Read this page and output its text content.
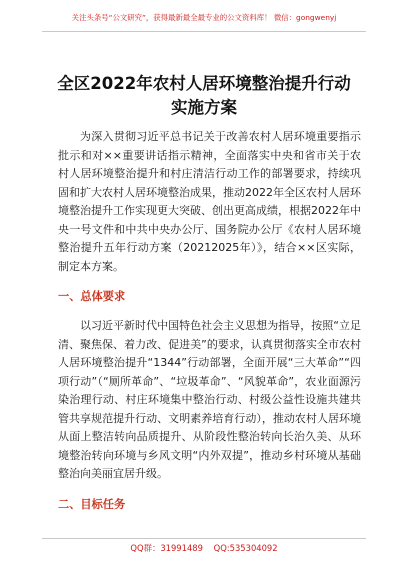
关注头条号“公文研究”，获得最新最全最专业的公文资料库！ 微信：gongwenyj
全区2022年农村人居环境整治提升行动实施方案

为深入贯彻习近平总书记关于改善农村人居环境重要指示批示和对××重要讲话指示精神，全面落实中央和省市关于农村人居环境整治提升和村庄清洁行动工作的部署要求，持续巩固和扩大农村人居环境整治成果，推动2022年全区农村人居环境整治提升工作实现更大突破、创出更高成绩，根据2022年中央一号文件和中共中央办公厅、国务院办公厅《农村人居环境整治提升五年行动方案（20212025年）》，结合××区实际，制定本方案。

一、总体要求

以习近平新时代中国特色社会主义思想为指导，按照“立足清、聚焦保、着力改、促进美”的要求，认真贯彻落实全市农村人居环境整治提升“1344”行动部署，全面开展“三大革命”“四项行动”（“厕所革命”、“垃圾革命”、“风貌革命”，农业面源污染治理行动、村庄环境集中整治行动、村级公益性设施共建共管共享规范提升行动、文明素养培育行动），推动农村人居环境从面上整洁转向品质提升、从阶段性整治转向长治久美、从环境整治转向环境与乡风文明“内外双提”，推动乡村环境从基础整治向美丽宜居升级。

二、目标任务
QQ群：31991489 QQ:535304092
